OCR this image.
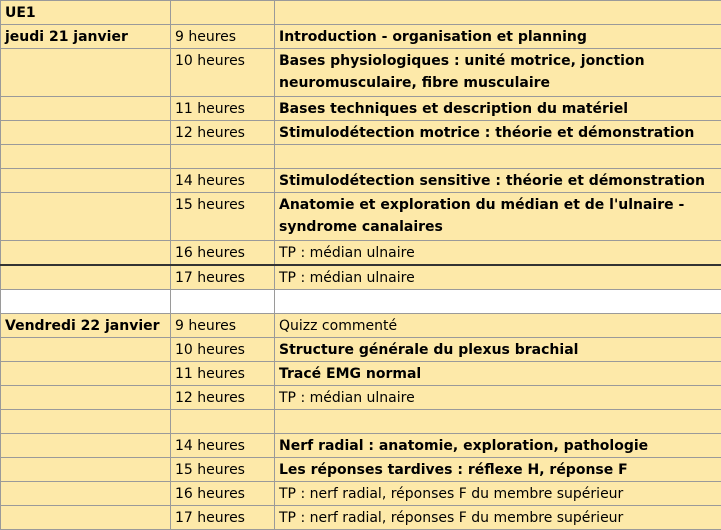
UE1		
jeudi 21 janvier	9 heures	Introduction - organisation et planning
	10 heures	Bases physiologiques : unité motrice, jonction neuromusculaire, fibre musculaire
	11 heures	Bases techniques et description du matériel
	12 heures	Stimulodétection motrice : théorie et démonstration

	14 heures	Stimulodétection sensitive : théorie et démonstration
	15 heures	Anatomie et exploration du médian et de l'ulnaire - syndrome canalaires
	16 heures	TP : médian ulnaire
	17 heures	TP : médian ulnaire

Vendredi 22 janvier	9 heures	Quizz commenté
	10 heures	Structure générale du plexus brachial
	11 heures	Tracé EMG normal
	12 heures	TP : médian ulnaire

	14 heures	Nerf radial : anatomie, exploration, pathologie
	15 heures	Les réponses tardives : réflexe H, réponse F
	16 heures	TP : nerf radial, réponses F du membre supérieur
	17 heures	TP : nerf radial, réponses F du membre supérieur
